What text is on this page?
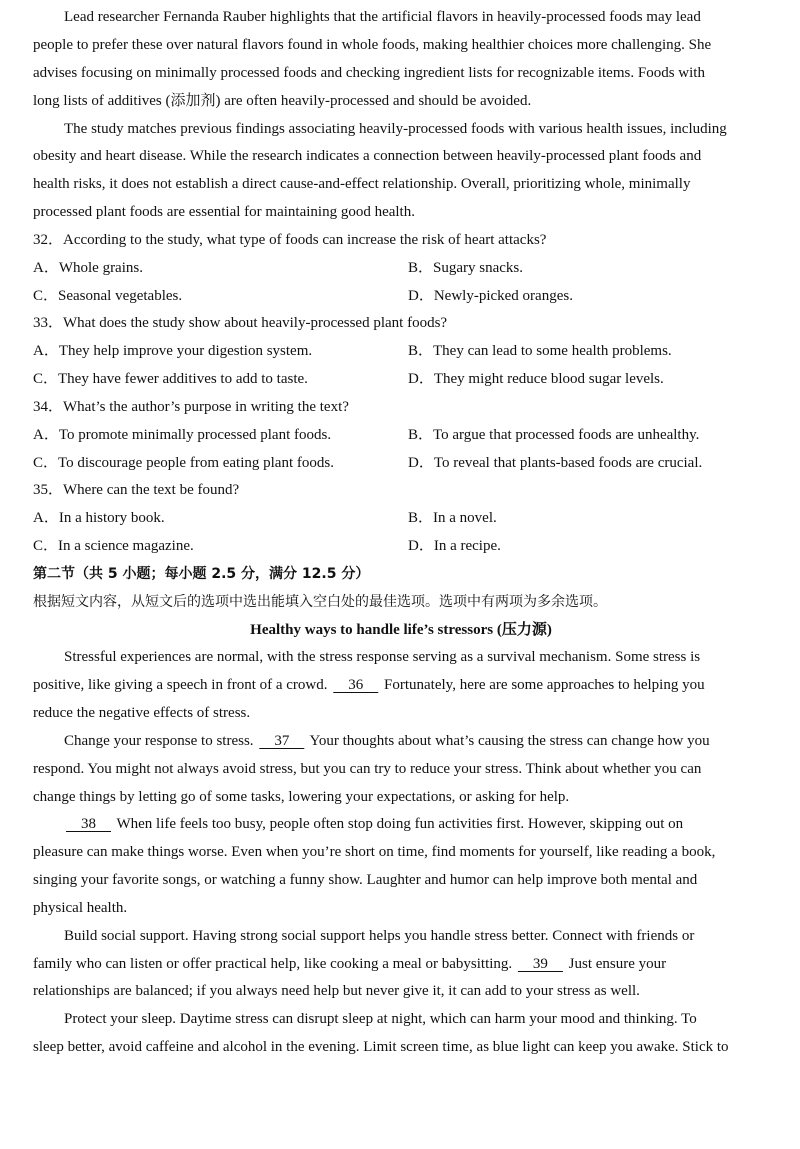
Lead researcher Fernanda Rauber highlights that the artificial flavors in heavily-processed foods may lead
people to prefer these over natural flavors found in whole foods, making healthier choices more challenging. She
advises focusing on minimally processed foods and checking ingredient lists for recognizable items. Foods with
long lists of additives (添加剂) are often heavily-processed and should be avoided.
The study matches previous findings associating heavily-processed foods with various health issues, including
obesity and heart disease. While the research indicates a connection between heavily-processed plant foods and
health risks, it does not establish a direct cause-and-effect relationship. Overall, prioritizing whole, minimally
processed plant foods are essential for maintaining good health.
32．According to the study, what type of foods can increase the risk of heart attacks?
A．Whole grains.	B．Sugary snacks.
C．Seasonal vegetables.	D．Newly-picked oranges.
33．What does the study show about heavily-processed plant foods?
A．They help improve your digestion system.	B．They can lead to some health problems.
C．They have fewer additives to add to taste.	D．They might reduce blood sugar levels.
34．What’s the author’s purpose in writing the text?
A．To promote minimally processed plant foods.	B．To argue that processed foods are unhealthy.
C．To discourage people from eating plant foods.	D．To reveal that plants-based foods are crucial.
35．Where can the text be found?
A．In a history book.	B．In a novel.
C．In a science magazine.	D．In a recipe.
第二节（共 5 小题；每小题 2.5 分，满分 12.5 分）
根据短文内容，从短文后的选项中选出能填入空白处的最佳选项。选项中有两项为多余选项。
Healthy ways to handle life’s stressors (压力源)
Stressful experiences are normal, with the stress response serving as a survival mechanism. Some stress is
positive, like giving a speech in front of a crowd.     36     Fortunately, here are some approaches to helping you
reduce the negative effects of stress.
Change your response to stress.     37     Your thoughts about what’s causing the stress can change how you
respond. You might not always avoid stress, but you can try to reduce your stress. Think about whether you can
change things by letting go of some tasks, lowering your expectations, or asking for help.
38     When life feels too busy, people often stop doing fun activities first. However, skipping out on
pleasure can make things worse. Even when you’re short on time, find moments for yourself, like reading a book,
singing your favorite songs, or watching a funny show. Laughter and humor can help improve both mental and
physical health.
Build social support. Having strong social support helps you handle stress better. Connect with friends or
family who can listen or offer practical help, like cooking a meal or babysitting.     39     Just ensure your
relationships are balanced; if you always need help but never give it, it can add to your stress as well.
Protect your sleep. Daytime stress can disrupt sleep at night, which can harm your mood and thinking. To
sleep better, avoid caffeine and alcohol in the evening. Limit screen time, as blue light can keep you awake. Stick to
